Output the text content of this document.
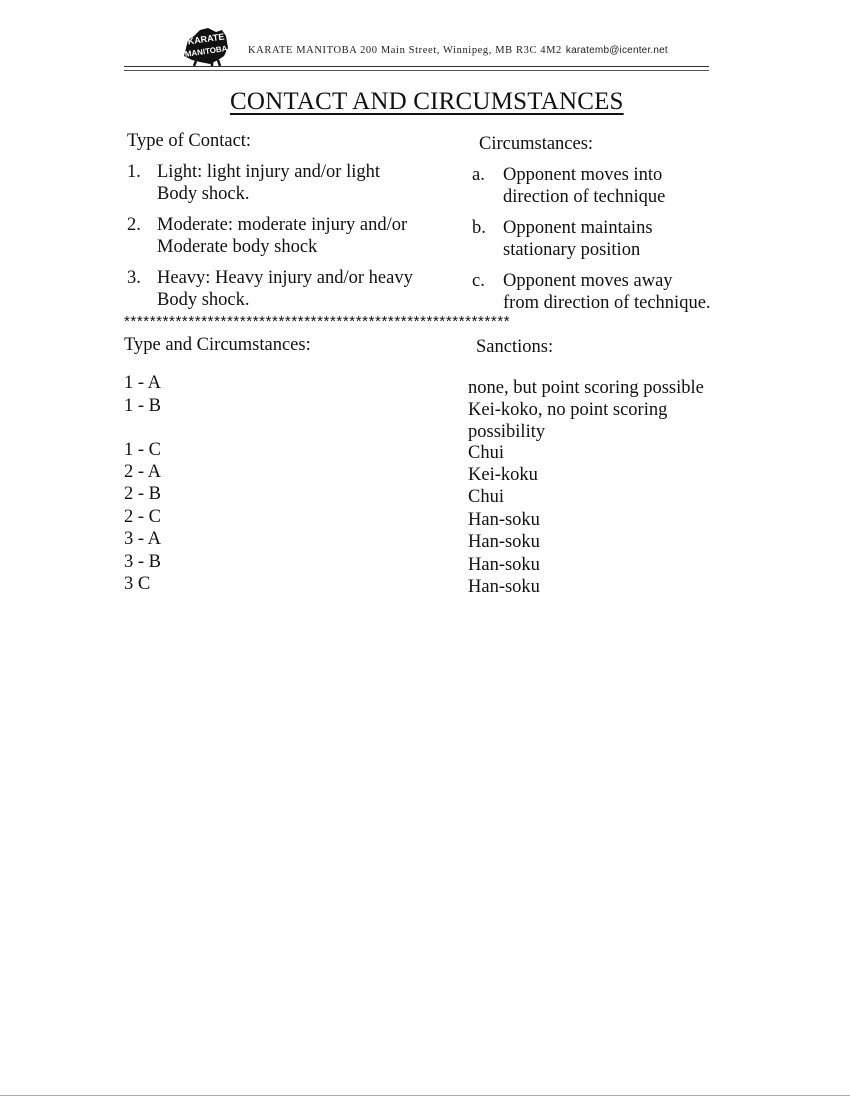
KARATE
MANITOBA KARATE MANITOBA 200 Main Street, Winnipeg, MB R3C 4M2 karatemb@icenter.net
CONTACT AND CIRCUMSTANCES
Type of Contact:
1. Light: light injury and/or light
Body shock.
2. Moderate: moderate injury and/or
Moderate body shock
3. Heavy: Heavy injury and/or heavy
Body shock.
Circumstances:
a. Opponent moves into
direction of technique
b. Opponent maintains
stationary position
c. Opponent moves away
from direction of technique.
************************************************************
Type and Circumstances:	Sanctions:
1 - A	none, but point scoring possible
1 - B	Kei-koko, no point scoring
possibility
1 - C	Chui
2 - A	Kei-koku
2 - B	Chui
2 - C	Han-soku
3 - A	Han-soku
3 - B	Han-soku
3 C	Han-soku
